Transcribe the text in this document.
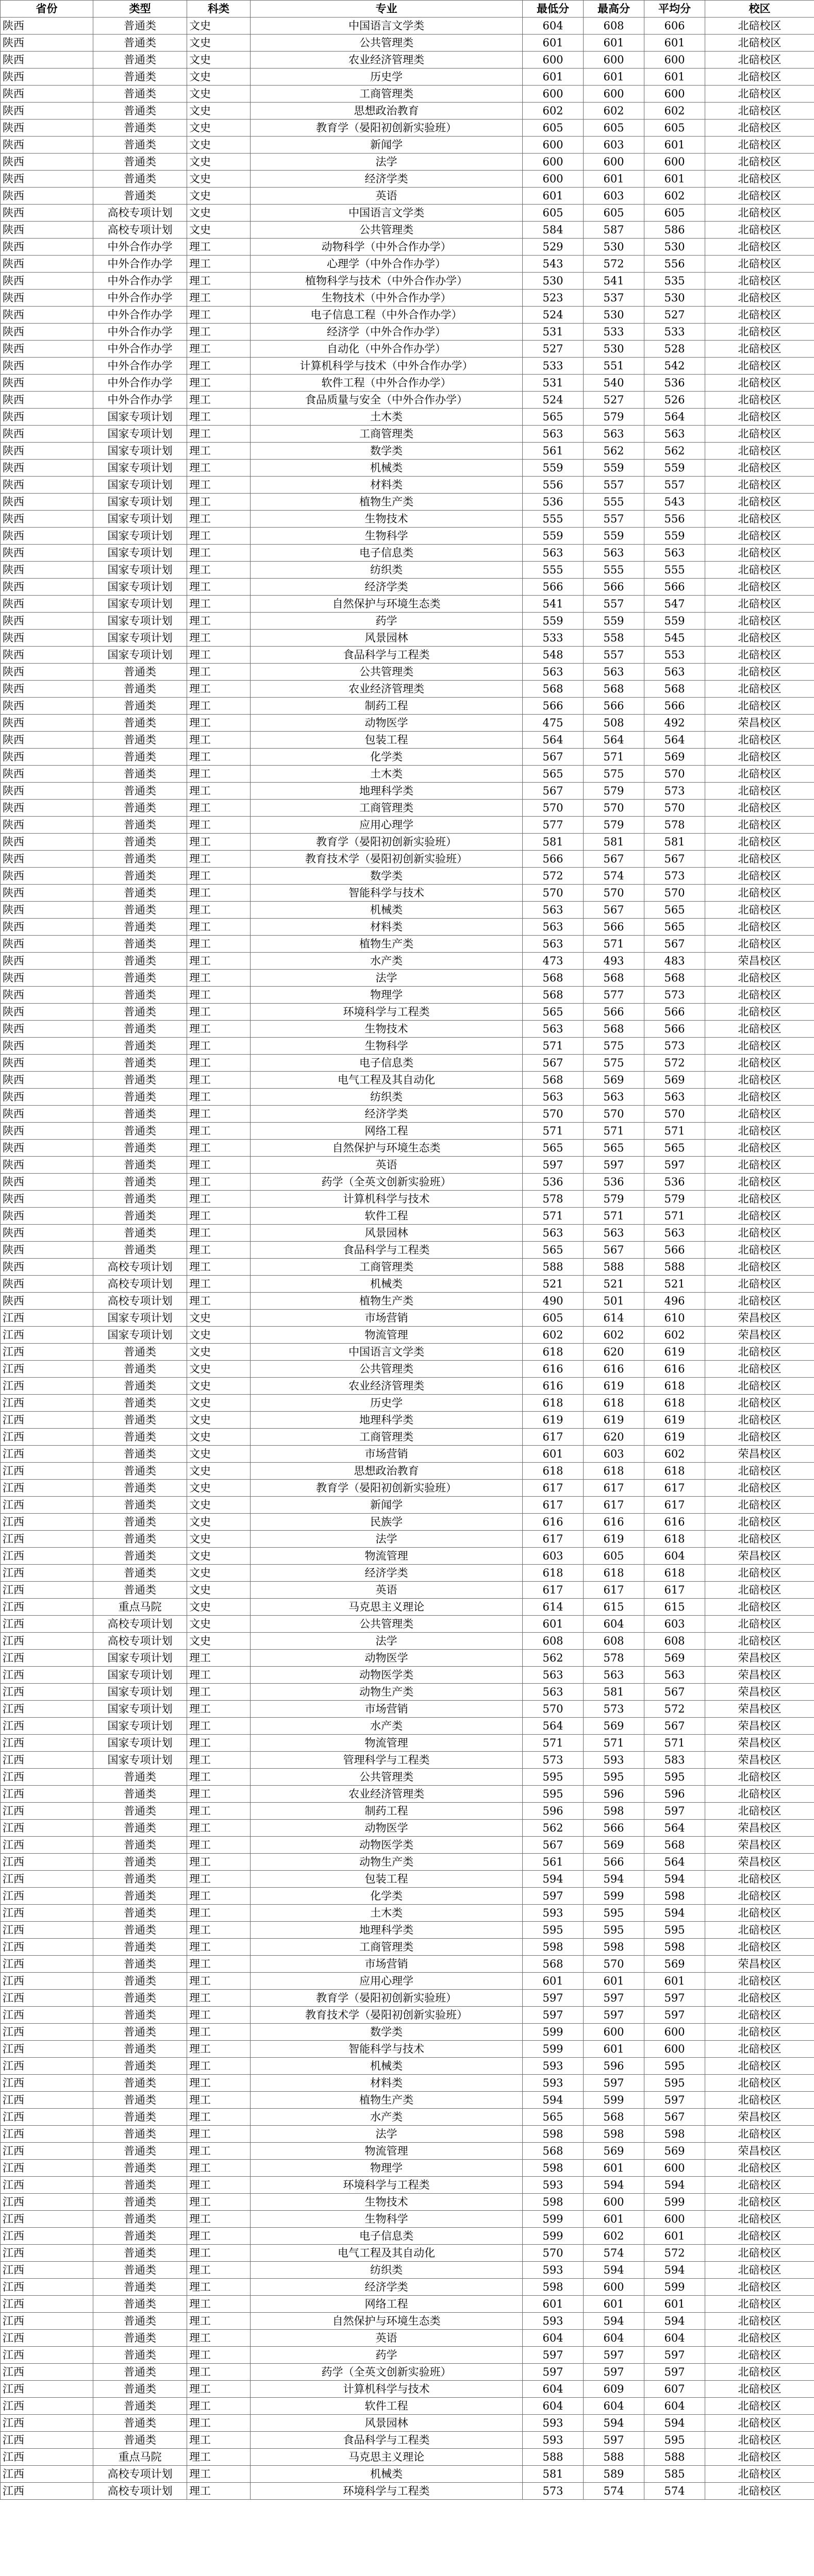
省份	类型	科类	专业	最低分	最高分	平均分	校区
陕西	普通类	文史	中国语言文学类	604	608	606	北碚校区
陕西	普通类	文史	公共管理类	601	601	601	北碚校区
陕西	普通类	文史	农业经济管理类	600	600	600	北碚校区
陕西	普通类	文史	历史学	601	601	601	北碚校区
陕西	普通类	文史	工商管理类	600	600	600	北碚校区
陕西	普通类	文史	思想政治教育	602	602	602	北碚校区
陕西	普通类	文史	教育学（晏阳初创新实验班）	605	605	605	北碚校区
陕西	普通类	文史	新闻学	600	603	601	北碚校区
陕西	普通类	文史	法学	600	600	600	北碚校区
陕西	普通类	文史	经济学类	600	601	601	北碚校区
陕西	普通类	文史	英语	601	603	602	北碚校区
陕西	高校专项计划	文史	中国语言文学类	605	605	605	北碚校区
陕西	高校专项计划	文史	公共管理类	584	587	586	北碚校区
陕西	中外合作办学	理工	动物科学（中外合作办学）	529	530	530	北碚校区
陕西	中外合作办学	理工	心理学（中外合作办学）	543	572	556	北碚校区
陕西	中外合作办学	理工	植物科学与技术（中外合作办学）	530	541	535	北碚校区
陕西	中外合作办学	理工	生物技术（中外合作办学）	523	537	530	北碚校区
陕西	中外合作办学	理工	电子信息工程（中外合作办学）	524	530	527	北碚校区
陕西	中外合作办学	理工	经济学（中外合作办学）	531	533	533	北碚校区
陕西	中外合作办学	理工	自动化（中外合作办学）	527	530	528	北碚校区
陕西	中外合作办学	理工	计算机科学与技术（中外合作办学）	533	551	542	北碚校区
陕西	中外合作办学	理工	软件工程（中外合作办学）	531	540	536	北碚校区
陕西	中外合作办学	理工	食品质量与安全（中外合作办学）	524	527	526	北碚校区
陕西	国家专项计划	理工	土木类	565	579	564	北碚校区
陕西	国家专项计划	理工	工商管理类	563	563	563	北碚校区
陕西	国家专项计划	理工	数学类	561	562	562	北碚校区
陕西	国家专项计划	理工	机械类	559	559	559	北碚校区
陕西	国家专项计划	理工	材料类	556	557	557	北碚校区
陕西	国家专项计划	理工	植物生产类	536	555	543	北碚校区
陕西	国家专项计划	理工	生物技术	555	557	556	北碚校区
陕西	国家专项计划	理工	生物科学	559	559	559	北碚校区
陕西	国家专项计划	理工	电子信息类	563	563	563	北碚校区
陕西	国家专项计划	理工	纺织类	555	555	555	北碚校区
陕西	国家专项计划	理工	经济学类	566	566	566	北碚校区
陕西	国家专项计划	理工	自然保护与环境生态类	541	557	547	北碚校区
陕西	国家专项计划	理工	药学	559	559	559	北碚校区
陕西	国家专项计划	理工	风景园林	533	558	545	北碚校区
陕西	国家专项计划	理工	食品科学与工程类	548	557	553	北碚校区
陕西	普通类	理工	公共管理类	563	563	563	北碚校区
陕西	普通类	理工	农业经济管理类	568	568	568	北碚校区
陕西	普通类	理工	制药工程	566	566	566	北碚校区
陕西	普通类	理工	动物医学	475	508	492	荣昌校区
陕西	普通类	理工	包装工程	564	564	564	北碚校区
陕西	普通类	理工	化学类	567	571	569	北碚校区
陕西	普通类	理工	土木类	565	575	570	北碚校区
陕西	普通类	理工	地理科学类	567	579	573	北碚校区
陕西	普通类	理工	工商管理类	570	570	570	北碚校区
陕西	普通类	理工	应用心理学	577	579	578	北碚校区
陕西	普通类	理工	教育学（晏阳初创新实验班）	581	581	581	北碚校区
陕西	普通类	理工	教育技术学（晏阳初创新实验班）	566	567	567	北碚校区
陕西	普通类	理工	数学类	572	574	573	北碚校区
陕西	普通类	理工	智能科学与技术	570	570	570	北碚校区
陕西	普通类	理工	机械类	563	567	565	北碚校区
陕西	普通类	理工	材料类	563	566	565	北碚校区
陕西	普通类	理工	植物生产类	563	571	567	北碚校区
陕西	普通类	理工	水产类	473	493	483	荣昌校区
陕西	普通类	理工	法学	568	568	568	北碚校区
陕西	普通类	理工	物理学	568	577	573	北碚校区
陕西	普通类	理工	环境科学与工程类	565	566	566	北碚校区
陕西	普通类	理工	生物技术	563	568	566	北碚校区
陕西	普通类	理工	生物科学	571	575	573	北碚校区
陕西	普通类	理工	电子信息类	567	575	572	北碚校区
陕西	普通类	理工	电气工程及其自动化	568	569	569	北碚校区
陕西	普通类	理工	纺织类	563	563	563	北碚校区
陕西	普通类	理工	经济学类	570	570	570	北碚校区
陕西	普通类	理工	网络工程	571	571	571	北碚校区
陕西	普通类	理工	自然保护与环境生态类	565	565	565	北碚校区
陕西	普通类	理工	英语	597	597	597	北碚校区
陕西	普通类	理工	药学（全英文创新实验班）	536	536	536	北碚校区
陕西	普通类	理工	计算机科学与技术	578	579	579	北碚校区
陕西	普通类	理工	软件工程	571	571	571	北碚校区
陕西	普通类	理工	风景园林	563	563	563	北碚校区
陕西	普通类	理工	食品科学与工程类	565	567	566	北碚校区
陕西	高校专项计划	理工	工商管理类	588	588	588	北碚校区
陕西	高校专项计划	理工	机械类	521	521	521	北碚校区
陕西	高校专项计划	理工	植物生产类	490	501	496	北碚校区
江西	国家专项计划	文史	市场营销	605	614	610	荣昌校区
江西	国家专项计划	文史	物流管理	602	602	602	荣昌校区
江西	普通类	文史	中国语言文学类	618	620	619	北碚校区
江西	普通类	文史	公共管理类	616	616	616	北碚校区
江西	普通类	文史	农业经济管理类	616	619	618	北碚校区
江西	普通类	文史	历史学	618	618	618	北碚校区
江西	普通类	文史	地理科学类	619	619	619	北碚校区
江西	普通类	文史	工商管理类	617	620	619	北碚校区
江西	普通类	文史	市场营销	601	603	602	荣昌校区
江西	普通类	文史	思想政治教育	618	618	618	北碚校区
江西	普通类	文史	教育学（晏阳初创新实验班）	617	617	617	北碚校区
江西	普通类	文史	新闻学	617	617	617	北碚校区
江西	普通类	文史	民族学	616	616	616	北碚校区
江西	普通类	文史	法学	617	619	618	北碚校区
江西	普通类	文史	物流管理	603	605	604	荣昌校区
江西	普通类	文史	经济学类	618	618	618	北碚校区
江西	普通类	文史	英语	617	617	617	北碚校区
江西	重点马院	文史	马克思主义理论	614	615	615	北碚校区
江西	高校专项计划	文史	公共管理类	601	604	603	北碚校区
江西	高校专项计划	文史	法学	608	608	608	北碚校区
江西	国家专项计划	理工	动物医学	562	578	569	荣昌校区
江西	国家专项计划	理工	动物医学类	563	563	563	荣昌校区
江西	国家专项计划	理工	动物生产类	563	581	567	荣昌校区
江西	国家专项计划	理工	市场营销	570	573	572	荣昌校区
江西	国家专项计划	理工	水产类	564	569	567	荣昌校区
江西	国家专项计划	理工	物流管理	571	571	571	荣昌校区
江西	国家专项计划	理工	管理科学与工程类	573	593	583	荣昌校区
江西	普通类	理工	公共管理类	595	595	595	北碚校区
江西	普通类	理工	农业经济管理类	595	596	596	北碚校区
江西	普通类	理工	制药工程	596	598	597	北碚校区
江西	普通类	理工	动物医学	562	566	564	荣昌校区
江西	普通类	理工	动物医学类	567	569	568	荣昌校区
江西	普通类	理工	动物生产类	561	566	564	荣昌校区
江西	普通类	理工	包装工程	594	594	594	北碚校区
江西	普通类	理工	化学类	597	599	598	北碚校区
江西	普通类	理工	土木类	593	595	594	北碚校区
江西	普通类	理工	地理科学类	595	595	595	北碚校区
江西	普通类	理工	工商管理类	598	598	598	北碚校区
江西	普通类	理工	市场营销	568	570	569	荣昌校区
江西	普通类	理工	应用心理学	601	601	601	北碚校区
江西	普通类	理工	教育学（晏阳初创新实验班）	597	597	597	北碚校区
江西	普通类	理工	教育技术学（晏阳初创新实验班）	597	597	597	北碚校区
江西	普通类	理工	数学类	599	600	600	北碚校区
江西	普通类	理工	智能科学与技术	599	601	600	北碚校区
江西	普通类	理工	机械类	593	596	595	北碚校区
江西	普通类	理工	材料类	593	597	595	北碚校区
江西	普通类	理工	植物生产类	594	599	597	北碚校区
江西	普通类	理工	水产类	565	568	567	荣昌校区
江西	普通类	理工	法学	598	598	598	北碚校区
江西	普通类	理工	物流管理	568	569	569	荣昌校区
江西	普通类	理工	物理学	598	601	600	北碚校区
江西	普通类	理工	环境科学与工程类	593	594	594	北碚校区
江西	普通类	理工	生物技术	598	600	599	北碚校区
江西	普通类	理工	生物科学	599	601	600	北碚校区
江西	普通类	理工	电子信息类	599	602	601	北碚校区
江西	普通类	理工	电气工程及其自动化	570	574	572	北碚校区
江西	普通类	理工	纺织类	593	594	594	北碚校区
江西	普通类	理工	经济学类	598	600	599	北碚校区
江西	普通类	理工	网络工程	601	601	601	北碚校区
江西	普通类	理工	自然保护与环境生态类	593	594	594	北碚校区
江西	普通类	理工	英语	604	604	604	北碚校区
江西	普通类	理工	药学	597	597	597	北碚校区
江西	普通类	理工	药学（全英文创新实验班）	597	597	597	北碚校区
江西	普通类	理工	计算机科学与技术	604	609	607	北碚校区
江西	普通类	理工	软件工程	604	604	604	北碚校区
江西	普通类	理工	风景园林	593	594	594	北碚校区
江西	普通类	理工	食品科学与工程类	593	597	595	北碚校区
江西	重点马院	理工	马克思主义理论	588	588	588	北碚校区
江西	高校专项计划	理工	机械类	581	589	585	北碚校区
江西	高校专项计划	理工	环境科学与工程类	573	574	574	北碚校区
